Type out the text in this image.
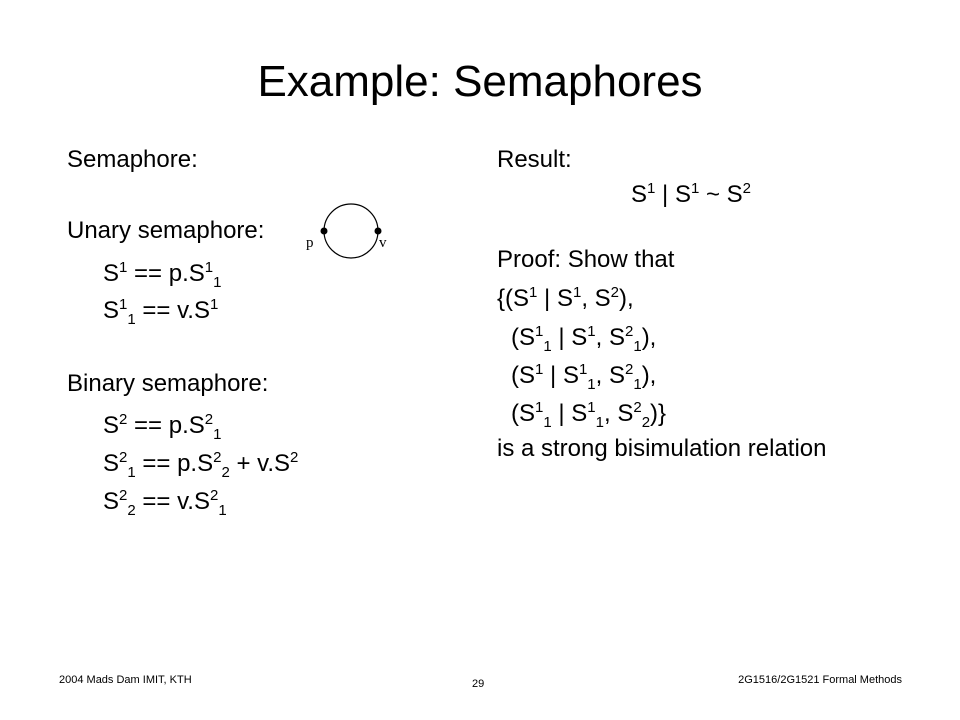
Example: Semaphores
Semaphore:
Unary semaphore:
$S^1 == p.S^1_1$
$S^1_1 == v.S^1$
Binary semaphore:
$S^2 == p.S^2_1$
$S^2_1 == p.S^2_2 + v.S^2$
$S^2_2 == v.S^2_1$
p	v
Result:
$S^1$ | $S^1$ ~ $S^2$
Proof: Show that
{($S^1$ | $S^1$, $S^2$),
($S^1_1$ | $S^1$, $S^2_1$),
($S^1$ | $S^1_1$, $S^2_1$),
($S^1_1$ | $S^1_1$, $S^2_2$)}
is a strong bisimulation relation
2004 Mads Dam IMIT, KTH	29	2G1516/2G1521 Formal Methods
